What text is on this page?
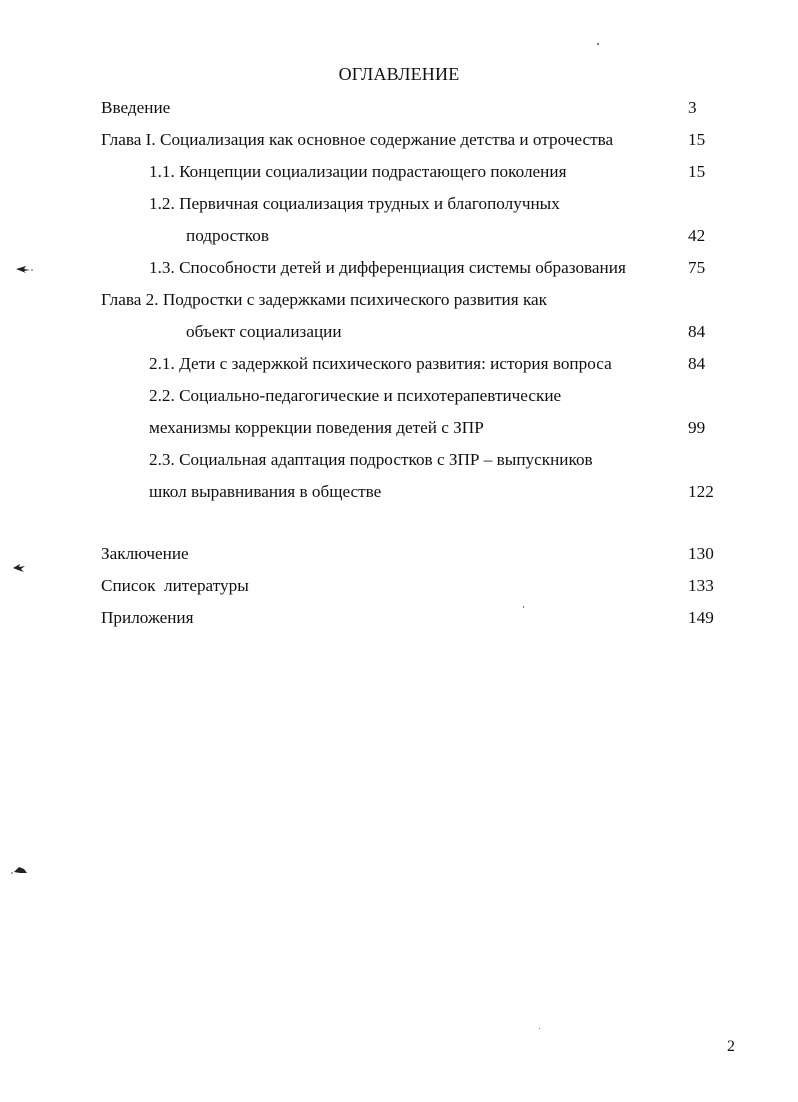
ОГЛАВЛЕНИЕ
Введение	3
Глава I. Социализация как основное содержание детства и отрочества	15
1.1. Концепции социализации подрастающего поколения	15
1.2. Первичная социализация трудных и благополучных
подростков	42
1.3. Способности детей и дифференциация системы образования	75
Глава 2. Подростки с задержками психического развития как
объект социализации	84
2.1. Дети с задержкой психического развития: история вопроса	84
2.2. Социально-педагогические и психотерапевтические
механизмы коррекции поведения детей с ЗПР	99
2.3. Социальная адаптация подростков с ЗПР – выпускников
школ выравнивания в обществе	122
Заключение	130
Список  литературы	133
Приложения	149
2
